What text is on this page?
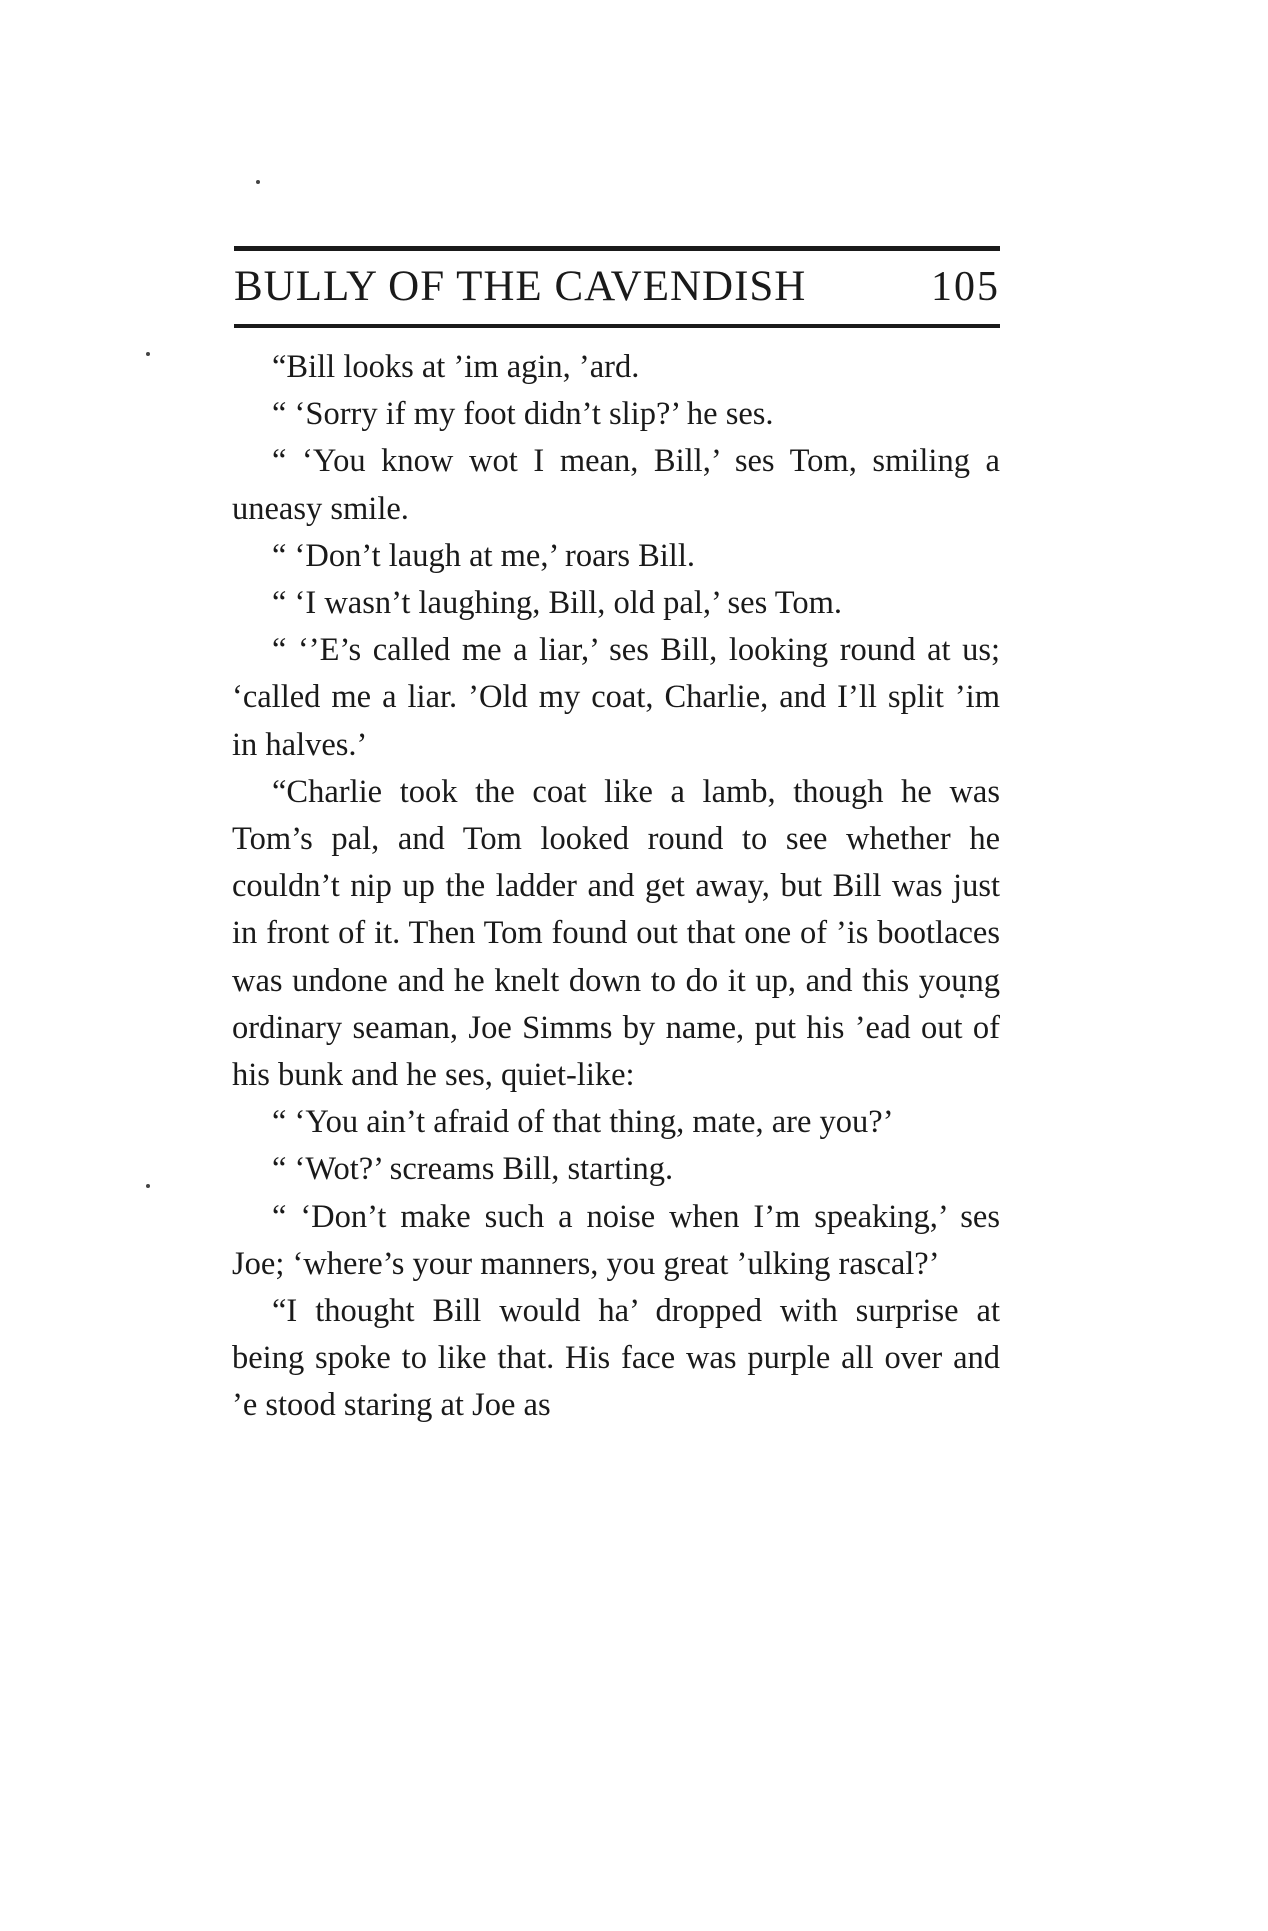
BULLY OF THE CAVENDISH	105

“Bill looks at ’im agin, ’ard.

“ ‘Sorry if my foot didn’t slip?’ he ses.

“ ‘You know wot I mean, Bill,’ ses Tom, smiling a uneasy smile.

“ ‘Don’t laugh at me,’ roars Bill.

“ ‘I wasn’t laughing, Bill, old pal,’ ses Tom.

“ ‘’E’s called me a liar,’ ses Bill, looking round at us; ‘called me a liar. ’Old my coat, Charlie, and I’ll split ’im in halves.’

“Charlie took the coat like a lamb, though he was Tom’s pal, and Tom looked round to see whether he couldn’t nip up the ladder and get away, but Bill was just in front of it. Then Tom found out that one of ’is bootlaces was undone and he knelt down to do it up, and this young ordinary seaman, Joe Simms by name, put his ’ead out of his bunk and he ses, quiet-like:

“ ‘You ain’t afraid of that thing, mate, are you?’

“ ‘Wot?’ screams Bill, starting.

“ ‘Don’t make such a noise when I’m speaking,’ ses Joe; ‘where’s your manners, you great ’ulking rascal?’

“I thought Bill would ha’ dropped with surprise at being spoke to like that. His face was purple all over and ’e stood staring at Joe as
